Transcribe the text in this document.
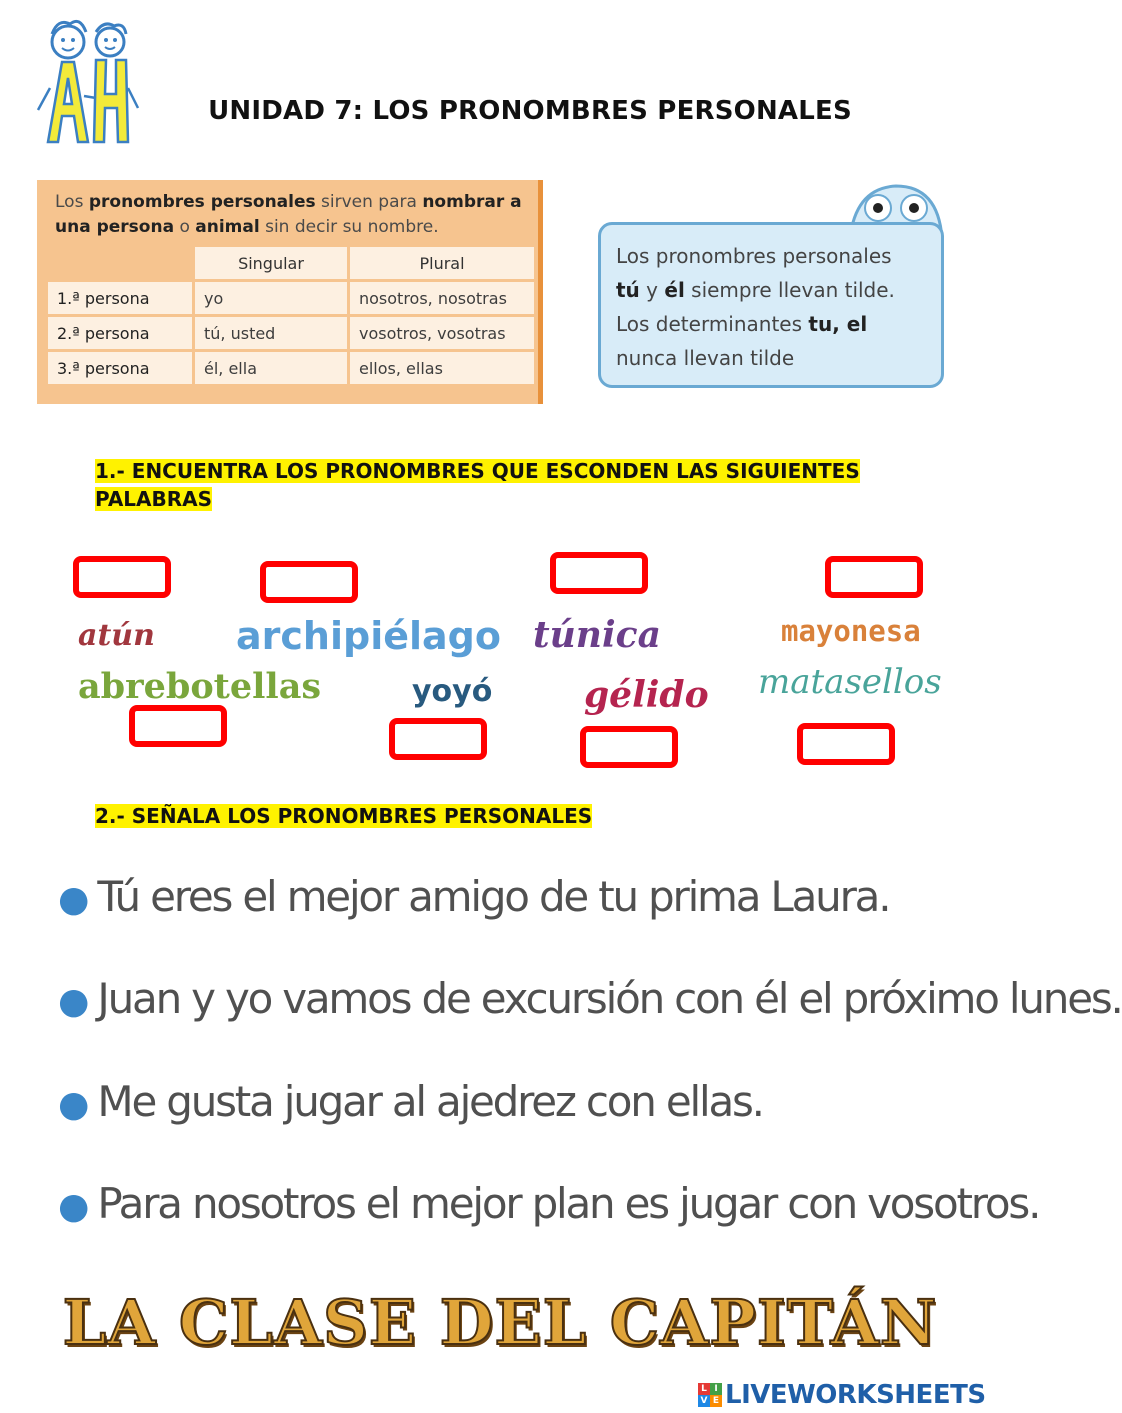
UNIDAD 7: LOS PRONOMBRES PERSONALES
Los pronombres personales sirven para nombrar a una persona o animal sin decir su nombre.
	Singular	Plural
1.ª persona	yo	nosotros, nosotras
2.ª persona	tú, usted	vosotros, vosotras
3.ª persona	él, ella	ellos, ellas
Los pronombres personales
tú y él siempre llevan tilde.
Los determinantes tu, el
nunca llevan tilde
1.- ENCUENTRA LOS PRONOMBRES QUE ESCONDEN LAS SIGUIENTES PALABRAS
atún archipiélago túnica	mayonesa
abrebotellas	yoyó	gélido matasellos
2.- SEÑALA LOS PRONOMBRES PERSONALES
● Tú eres el mejor amigo de tu prima Laura.
● Juan y yo vamos de excursión con él el próximo lunes.
● Me gusta jugar al ajedrez con ellas.
● Para nosotros el mejor plan es jugar con vosotros.
LA CLASE DEL CAPITÁN
L I
V E LIVEWORKSHEETS
